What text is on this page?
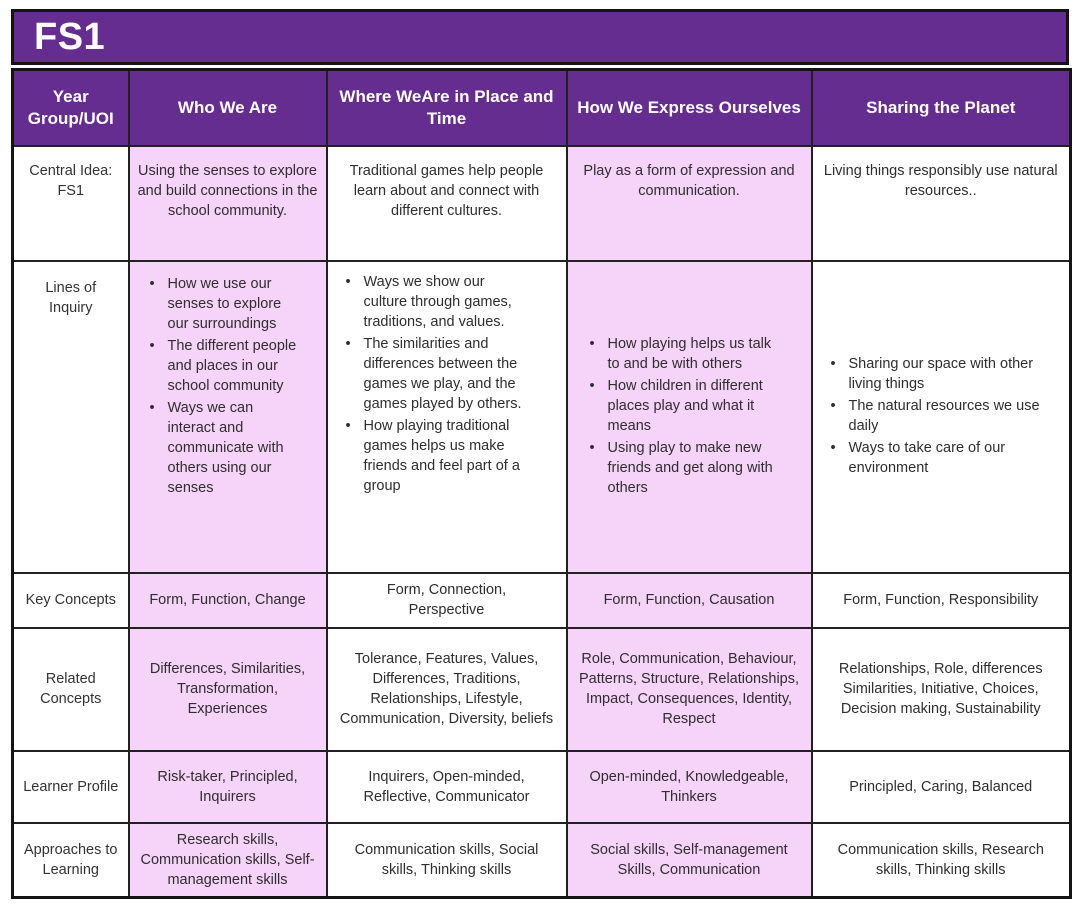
FS1
Year Group/UOI	Who We Are	Where WeAre in Place and Time	How We Express Ourselves	Sharing the Planet
Central Idea: FS1	Using the senses to explore and build connections in the school community.	Traditional games help people learn about and connect with different cultures.	Play as a form of expression and communication.	Living things responsibly use natural resources..
Lines of Inquiry	
• How we use our senses to explore our surroundings
• The different people and places in our school community
• Ways we can interact and communicate with others using our senses

• Ways we show our culture through games, traditions, and values.
• The similarities and differences between the games we play, and the games played by others.
• How playing traditional games helps us make friends and feel part of a group

• How playing helps us talk to and be with others
• How children in different places play and what it means
• Using play to make new friends and get along with others

• Sharing our space with other living things
• The natural resources we use daily
• Ways to take care of our environment

Key Concepts	Form, Function, Change	Form, Connection, Perspective	Form, Function, Causation	Form, Function, Responsibility
Related Concepts	Differences, Similarities, Transformation, Experiences	Tolerance, Features, Values, Differences, Traditions, Relationships, Lifestyle, Communication, Diversity, beliefs	Role, Communication, Behaviour, Patterns, Structure, Relationships, Impact, Consequences, Identity, Respect	Relationships, Role, differences Similarities, Initiative, Choices, Decision making, Sustainability
Learner Profile	Risk-taker, Principled, Inquirers	Inquirers, Open-minded, Reflective, Communicator	Open-minded, Knowledgeable, Thinkers	Principled, Caring, Balanced
Approaches to Learning	Research skills, Communication skills, Self-management skills	Communication skills, Social skills, Thinking skills	Social skills, Self-management Skills, Communication	Communication skills, Research skills, Thinking skills
